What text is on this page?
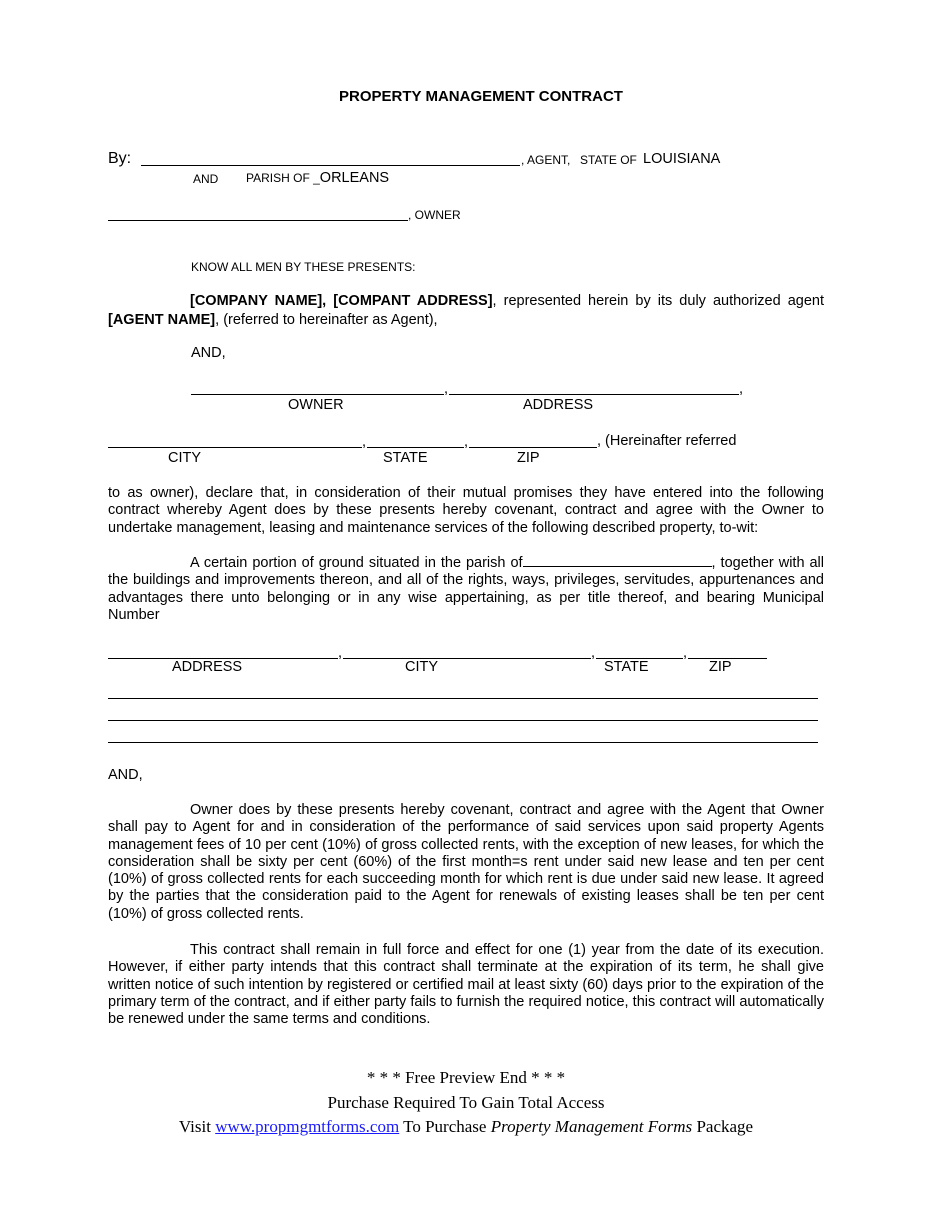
PROPERTY MANAGEMENT CONTRACT
By:	, AGENT, STATE OF LOUISIANA
AND PARISH OF _ORLEANS
, OWNER
KNOW ALL MEN BY THESE PRESENTS:
[COMPANY NAME], [COMPANT ADDRESS], represented herein by its duly authorized agent [AGENT NAME], (referred to hereinafter as Agent),
AND,
,	,
OWNER	ADDRESS
,	,	, (Hereinafter referred
CITY	STATE	ZIP
to as owner), declare that, in consideration of their mutual promises they have entered into the following contract whereby Agent does by these presents hereby covenant, contract and agree with the Owner to undertake management, leasing and maintenance services of the following described property, to-wit:
A certain portion of ground situated in the parish of	, together with all the buildings and improvements thereon, and all of the rights, ways, privileges, servitudes, appurtenances and advantages there unto belonging or in any wise appertaining, as per title thereof, and bearing Municipal Number
,	,	,
ADDRESS	CITY	STATE	ZIP
AND,
Owner does by these presents hereby covenant, contract and agree with the Agent that Owner shall pay to Agent for and in consideration of the performance of said services upon said property Agents management fees of 10 per cent (10%) of gross collected rents, with the exception of new leases, for which the consideration shall be sixty per cent (60%) of the first month=s rent under said new lease and ten per cent (10%) of gross collected rents for each succeeding month for which rent is due under said new lease. It agreed by the parties that the consideration paid to the Agent for renewals of existing leases shall be ten per cent (10%) of gross collected rents.
This contract shall remain in full force and effect for one (1) year from the date of its execution. However, if either party intends that this contract shall terminate at the expiration of its term, he shall give written notice of such intention by registered or certified mail at least sixty (60) days prior to the expiration of the primary term of the contract, and if either party fails to furnish the required notice, this contract will automatically be renewed under the same terms and conditions.
* * * Free Preview End * * *
Purchase Required To Gain Total Access
Visit www.propmgmtforms.com To Purchase Property Management Forms Package
